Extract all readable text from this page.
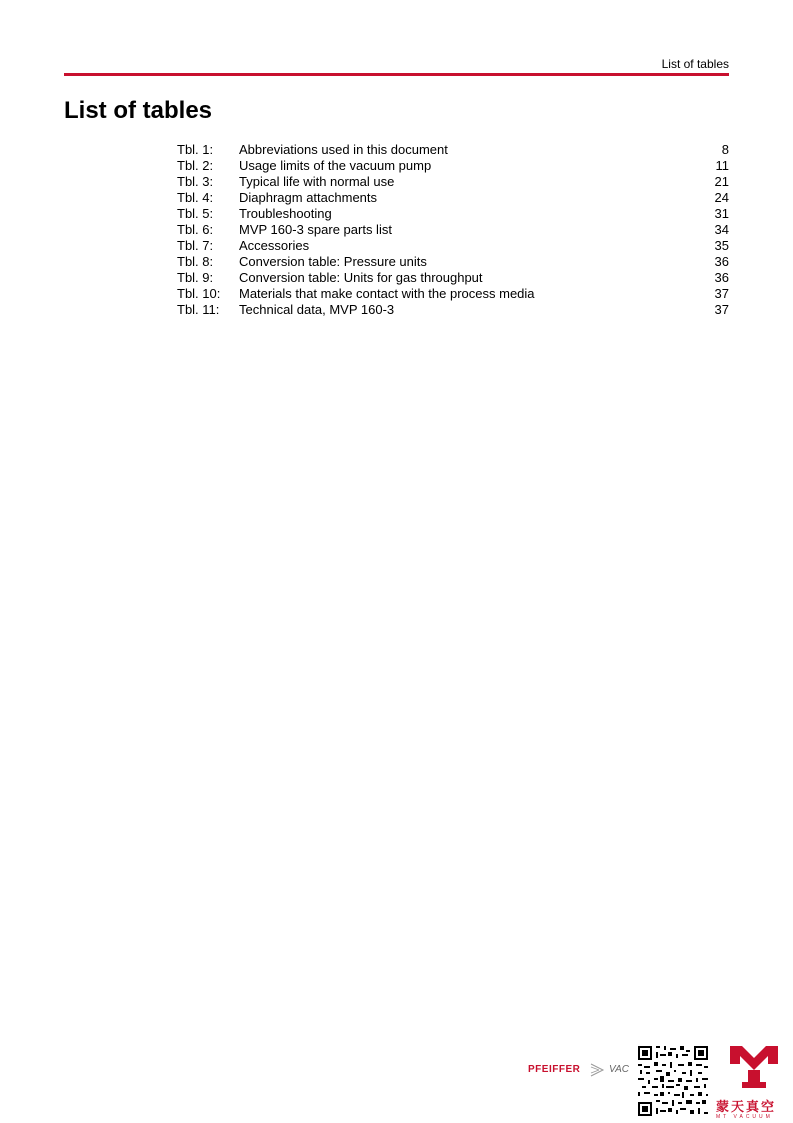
List of tables
List of tables
Tbl. 1: Abbreviations used in this document	8
Tbl. 2: Usage limits of the vacuum pump	11
Tbl. 3: Typical life with normal use	21
Tbl. 4: Diaphragm attachments	24
Tbl. 5: Troubleshooting	31
Tbl. 6: MVP 160-3 spare parts list	34
Tbl. 7: Accessories	35
Tbl. 8: Conversion table: Pressure units	36
Tbl. 9: Conversion table: Units for gas throughput	36
Tbl. 10: Materials that make contact with the process media	37
Tbl. 11: Technical data, MVP 160-3	37
PFEIFFER	VAC
蒙天真空
MT VACUUM
